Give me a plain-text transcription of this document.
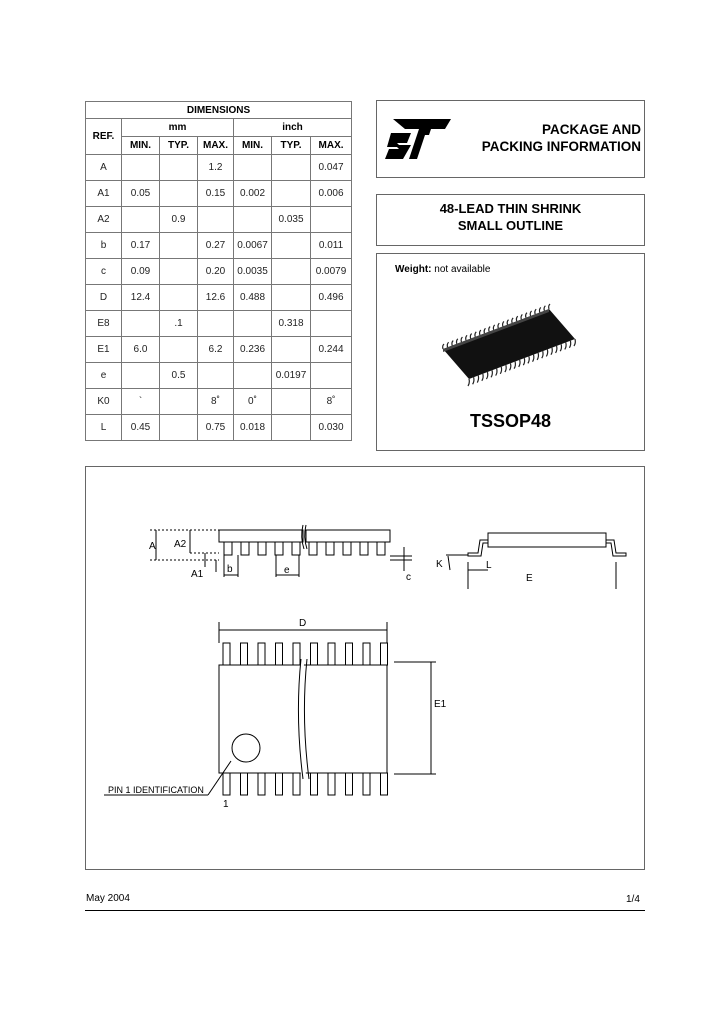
DIMENSIONS						
REF.	mm			inch		
	MIN.	TYP.	MAX.	MIN.	TYP.	MAX.
A			1.2			0.047
A1	0.05		0.15	0.002		0.006
A2		0.9			0.035	
b	0.17		0.27	0.0067		0.011
c	0.09		0.20	0.0035		0.0079
D	12.4		12.6	0.488		0.496
E8		.1			0.318	
E1	6.0		6.2	0.236		0.244
e		0.5			0.0197	
K0	`		8˚	0˚		8˚
L	0.45		0.75	0.018		0.030
PACKAGE AND
PACKING INFORMATION
48-LEAD THIN SHRINK
SMALL OUTLINE
Weight: not available
TSSOP48
A A2
A1 b	e
c
K	L
E
D
E1
PIN 1 IDENTIFICATION
1
May 2004	1/4
